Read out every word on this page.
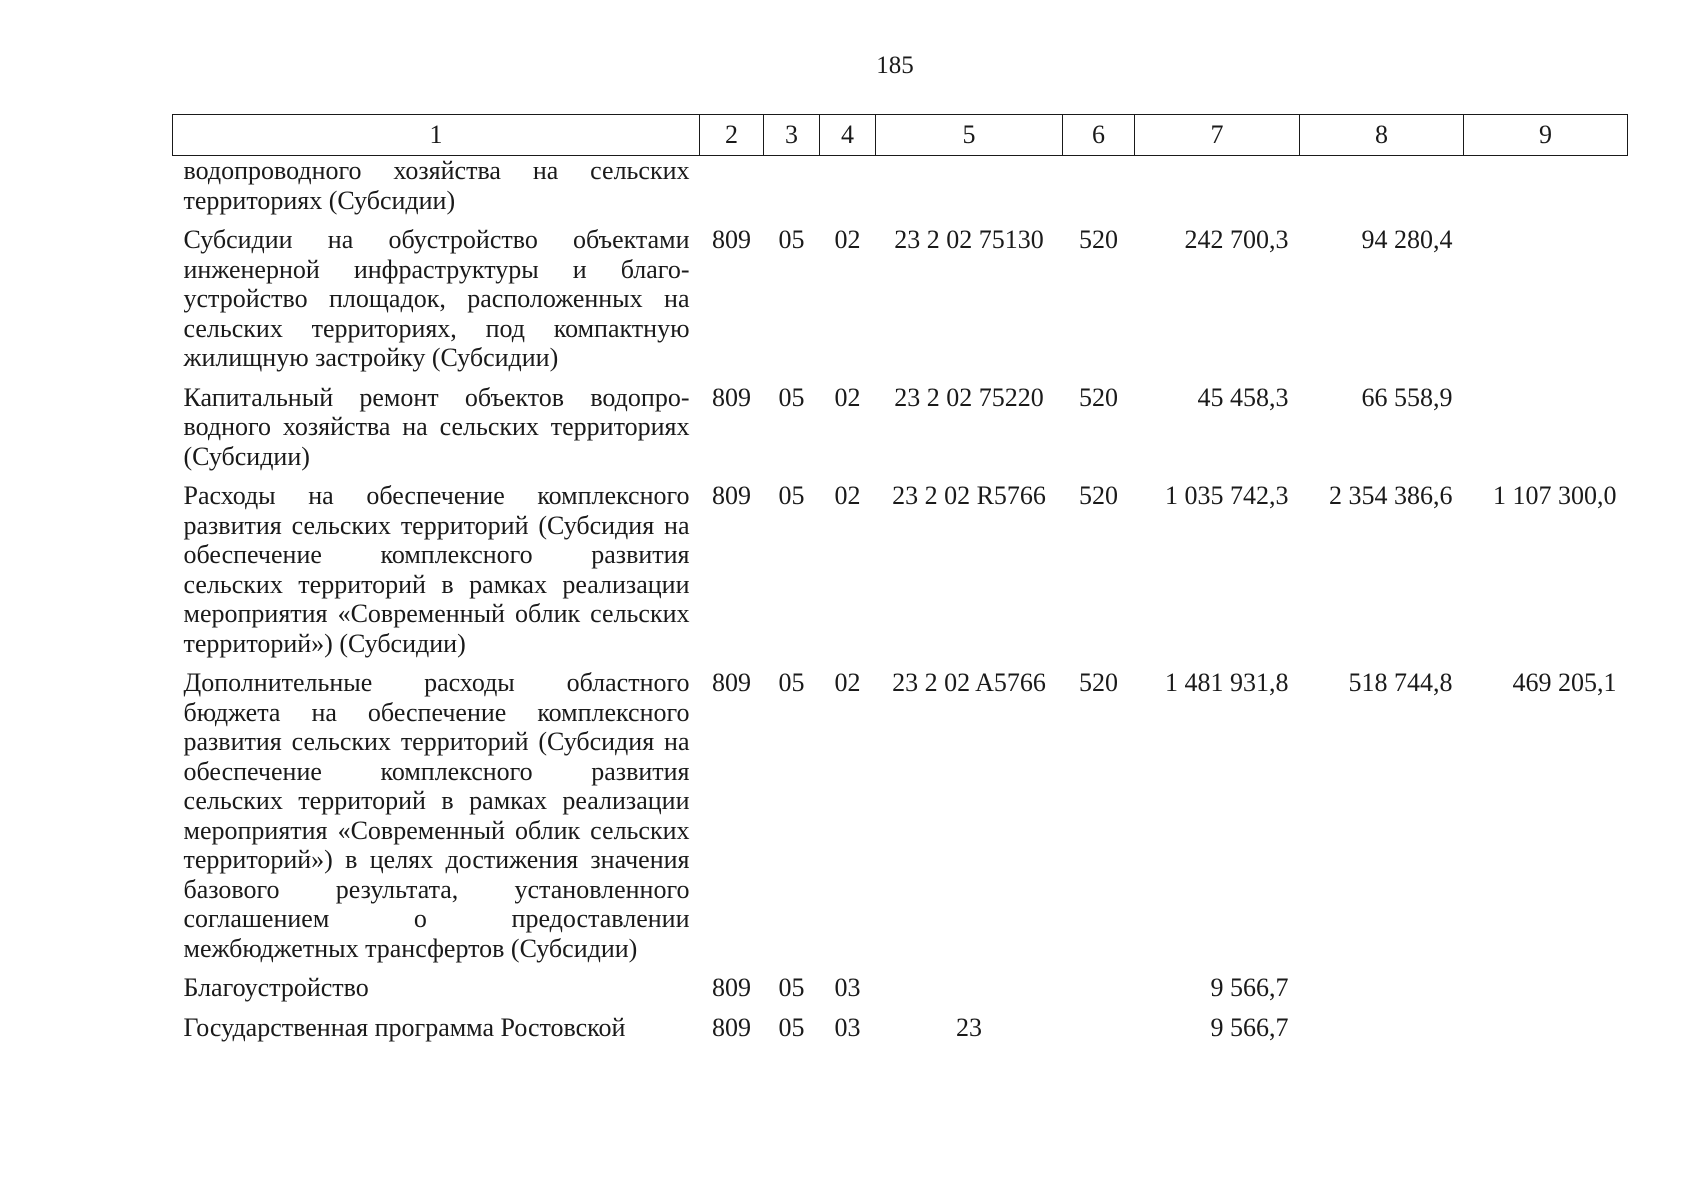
185
1	2	3	4	5	6	7	8	9
водопроводного хозяйства на сельских территориях (Субсидии)								
Субсидии на обустройство объектами инженерной инфраструктуры и благоустройство площадок, расположенных на сельских территориях, под компактную жилищную застройку (Субсидии)	809	05	02	23 2 02 75130	520	242 700,3	94 280,4	
Капитальный ремонт объектов водопроводного хозяйства на сельских территориях (Субсидии)	809	05	02	23 2 02 75220	520	45 458,3	66 558,9	
Расходы на обеспечение комплексного развития сельских территорий (Субсидия на обеспечение комплексного развития сельских территорий в рамках реализации мероприятия «Современный облик сельских территорий») (Субсидии)	809	05	02	23 2 02 R5766	520	1 035 742,3	2 354 386,6	1 107 300,0
Дополнительные расходы областного бюджета на обеспечение комплексного развития сельских территорий (Субсидия на обеспечение комплексного развития сельских территорий в рамках реализации мероприятия «Современный облик сельских территорий») в целях достижения значения базового результата, установленного соглашением о предоставлении межбюджетных трансфертов (Субсидии)	809	05	02	23 2 02 A5766	520	1 481 931,8	518 744,8	469 205,1
Благоустройство	809	05	03			9 566,7		
Государственная программа Ростовской	809	05	03	23		9 566,7		
